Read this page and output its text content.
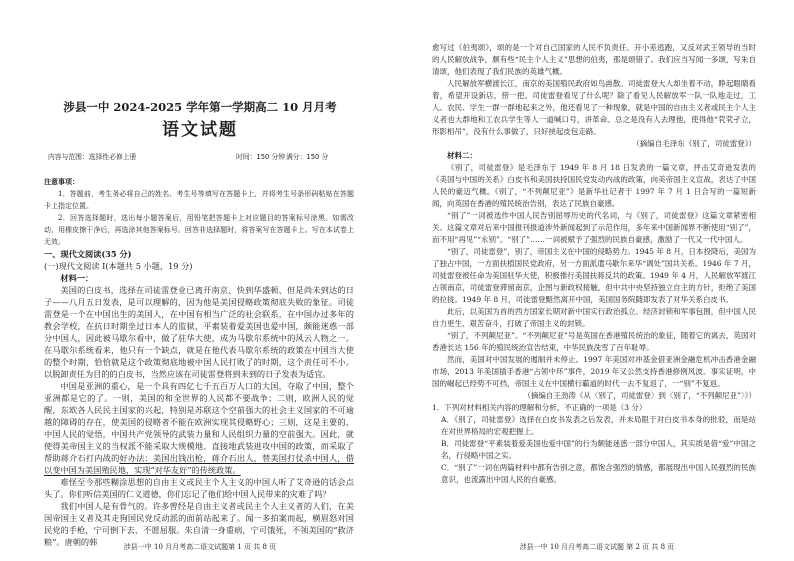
涉县一中 2024-2025 学年第一学期高二 10 月月考
语文试题
内容与范围：选择性必修上册	时间：150 分钟 满分：150 分

注意事项：

1．答题前，考生务必将自己的姓名、考生号等填写在答题卡上，并将考生号条形码粘贴在答题卡上指定位置。

2．回答选择题时，选出每小题答案后，用铅笔把答题卡上对应题目的答案标号涂黑。如需改动，用橡皮擦干净后，再选涂其他答案标号。回答非选择题时，将答案写在答题卡上。写在本试卷上无效。

一、现代文阅读(35 分)

(一)现代文阅读 I(本题共 5 小题，19 分)

材料一：

美国的白皮书，选择在司徒雷登业已离开南京、快到华盛顿、但是尚未到达的日子——八月五日发表，是可以理解的，因为他是美国侵略政策彻底失败的象征。司徒雷登是一个在中国出生的美国人，在中国有相当广泛的社会联系，在中国办过多年的教会学校，在抗日时期坐过日本人的监狱，平素装着爱美国也爱中国，颇能迷惑一部分中国人，因此被马歇尔看中，做了驻华大使，成为马歇尔系统中的风云人物之一。在马歇尔系统看来，他只有一个缺点，就是在他代表马歇尔系统的政策在中国当大使的整个时期，恰恰就是这个政策彻底地被中国人民打败了的时期，这个责任可不小。以脱卸责任为目的的白皮书，当然应该在司徒雷登将到未到的日子发表为适宜。

中国是亚洲的重心，是一个具有四亿七千五百万人口的大国，夺取了中国，整个亚洲都是它的了。一则，美国的和全世界的人民都不要战争；二则，欧洲人民的觉醒，东欧各人民民主国家的兴起，特别是苏联这个空前强大的社会主义国家的不可逾越的障碍的存在，使美国的侵略者不能在欧洲实现其侵略野心；三则，这是主要的，中国人民的觉悟，中国共产党领导的武装力量和人民组织力量的空前强大。因此，就使得美帝国主义的当权派不能采取大规模地、直接地武装进攻中国的政策，而采取了帮助蒋介石打内战的好办法：美国出钱出枪，蒋介石出人，替美国打仗杀中国人，借以变中国为美国殖民地，实现“对华友好”的传统政策。

难怪至今那些糊涂思想的自由主义或民主个人主义的中国人听了艾奇逊的话会点头了。你们听信美国的仁义道德，你们忘记了他们给中国人民带来的灾难了吗？

我们中国人是有骨气的。许多曾经是自由主义者或民主个人主义者的人们，在美国帝国主义者及其走狗国民党反动派的面前站起来了。闻一多拍案而起，横眉怒对国民党的手枪，宁可倒下去，不愿屈服。朱自清一身重病，宁可饿死，不领美国的“救济粮”。唐朝的韩	涉县一中 10 月月考高二语文试题第 1 页 共 8 页

愈写过《伯夷颂》，颂的是一个对自己国家的人民不负责任、开小差逃跑，又反对武王领导的当时的人民解放战争，颇有些“民主个人主义”思想的伯夷，那是颂错了。我们应当写闻一多颂，写朱自清颂，他们表现了我们民族的英雄气概。

人民解放军横渡长江，南京的美国殖民政府如鸟兽散。司徒雷登大人却坐着不动，睁起眼睛看着，希望开设新店，捞一把。司徒雷登看见了什么呢？除了看见人民解放军一队一队地走过，工人、农民、学生一群一群地起来之外，他还看见了一种现象，就是中国的自由主义者或民主个人主义者也大群地和工农兵学生等人一道喊口号，讲革命。总之是没有人去理他，使得他“茕茕孑立，形影相吊”，没有什么事做了，只好挟起皮包走路。

（摘编自毛泽东《别了，司徒雷登》）

材料二：

《别了，司徒雷登》是毛泽东于 1949 年 8 月 18 日发表的一篇文章，抨击艾奇逊发表的《美国与中国的关系》白皮书和美国扶持国民党发动内战的政策，向美帝国主义宣战，表达了中国人民的豪迈气概。《别了，“不列颠尼亚”》是新华社记者于 1997 年 7 月 1 日合写的一篇短新闻，向英国在香港的殖民统治告别，表达了民族自豪感。

“别了”一词被选作中国人民告别屈辱历史的代名词，与《别了，司徒雷登》这篇文章紧密相关。这篇文章对后来中国报刊报道涉外新闻起到了示范作用，多年来中国新闻界不断使用“别了”，而不用“再见”“永别”。“别了”……一词被赋予了强烈的民族自豪感，激励了一代又一代中国人。

“别了，司徒雷登”，别了，帝国主义在中国的侵略势力。1945 年 8 月，日本投降后，美国为了独占中国，一方面扶植国民党政府，另一方面派遣马歇尔来华“调处”国共关系。1946 年 7 月，司徒雷登被任命为美国驻华大使，积极推行美国扶蒋反共的政策。1949 年 4 月，人民解放军渡江占领南京，司徒雷登滞留南京，企图与新政权接触，但中共中央坚持独立自主的方针，拒绝了美国的拉拢。1949 年 8 月，司徒雷登黯然离开中国，美国国务院随即发表了对华关系白皮书。

此后，以美国为首的西方国家长期对新中国实行政治孤立、经济封锁和军事包围，但中国人民自力更生、艰苦奋斗，打破了帝国主义的封锁。

“别了，不列颠尼亚”。“不列颠尼亚”号是英国在香港殖民统治的象征，随着它的离去，英国对香港长达 156 年的殖民统治宣告结束，中华民族洗雪了百年耻辱。

然而，美国对中国发展的遏制并未停止。1997 年美国对冲基金借亚洲金融危机冲击香港金融市场，2013 年美国插手香港“占领中环”事件，2019 年又公然支持香港修例风波。事实证明，中国的崛起已经势不可挡，帝国主义在中国横行霸道的时代一去不复返了，一“别”不复返。

（摘编自王劲涛《从〈别了，司徒雷登〉到〈别了，“不列颠尼亚”〉》）

1．下列对材料相关内容的理解和分析，不正确的一项是（3 分）

A．《别了，司徒雷登》选择在白皮书发表之后发表，并未局限于对白皮书本身的批驳，而是站在对世界格局的宏观把握上。

B．司徒雷登“平素装着爱美国也爱中国”的行为颇能迷惑一部分中国人，其实质是借“爱”中国之名，行侵略中国之实。

C．“别了”一词在两篇材料中都有告别之意，都饱含强烈的情感，都展现出中国人民强烈的民族意识，也流露出中国人民的自豪感。

涉县一中 10 月月考高二语文试题 第 2 页 共 8 页
